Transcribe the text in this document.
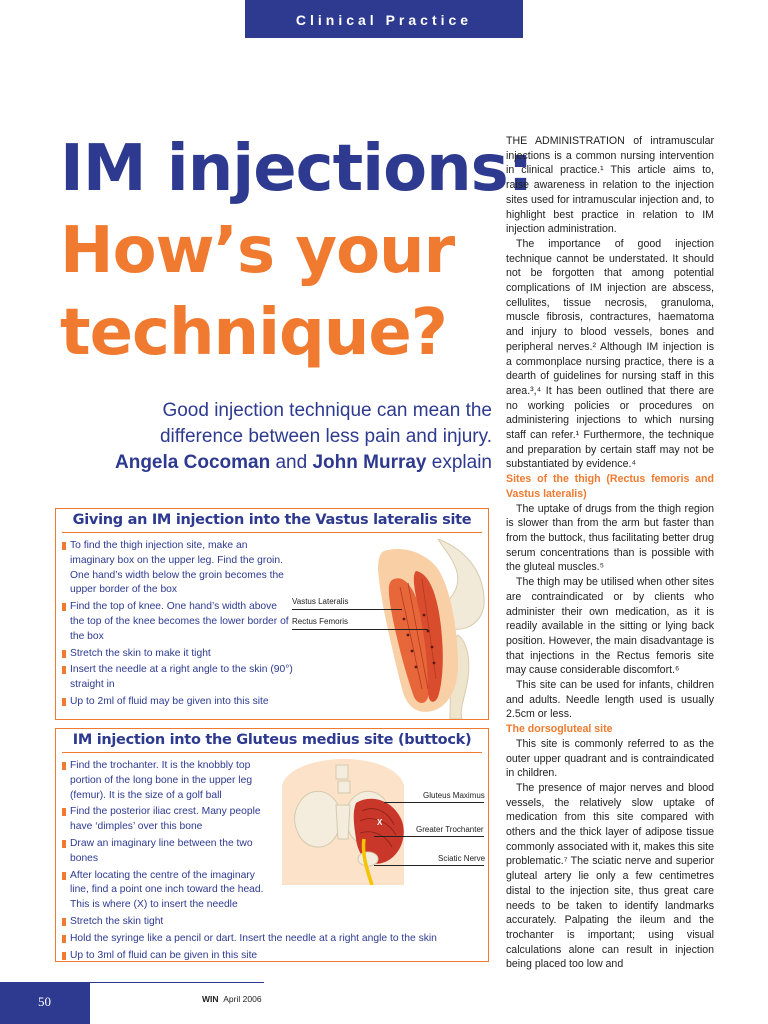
Clinical Practice
IM injections:
How’s your
technique?
Good injection technique can mean the
difference between less pain and injury.
Angela Cocoman and John Murray explain

THE ADMINISTRATION of intramuscular injections is a common nursing intervention in clinical practice.¹ This article aims to, raise awareness in relation to the injection sites used for intramuscular injection and, to highlight best practice in relation to IM injection administration.

The importance of good injection technique cannot be understated. It should not be forgotten that among potential complications of IM injection are abscess, cellulites, tissue necrosis, granuloma, muscle fibrosis, contractures, haematoma and injury to blood vessels, bones and peripheral nerves.² Although IM injection is a commonplace nursing practice, there is a dearth of guidelines for nursing staff in this area.³,⁴ It has been outlined that there are no working policies or procedures on administering injections to which nursing staff can refer.¹ Furthermore, the technique and preparation by certain staff may not be substantiated by evidence.⁴

Sites of the thigh (Rectus femoris and Vastus lateralis)

The uptake of drugs from the thigh region is slower than from the arm but faster than from the buttock, thus facilitating better drug serum concentrations than is possible with the gluteal muscles.⁵

The thigh may be utilised when other sites are contraindicated or by clients who administer their own medication, as it is readily available in the sitting or lying back position. However, the main disadvantage is that injections in the Rectus femoris site may cause considerable discomfort.⁶

This site can be used for infants, children and adults. Needle length used is usually 2.5cm or less.

The dorsogluteal site

This site is commonly referred to as the outer upper quadrant and is contraindicated in children.

The presence of major nerves and blood vessels, the relatively slow uptake of medication from this site compared with others and the thick layer of adipose tissue commonly associated with it, makes this site problematic.⁷ The sciatic nerve and superior gluteal artery lie only a few centimetres distal to the injection site, thus great care needs to be taken to identify landmarks accurately. Palpating the ileum and the trochanter is important; using visual calculations alone can result in injection being placed too low and

Giving an IM injection into the Vastus lateralis site
To find the thigh injection site, make an imaginary box on the upper leg. Find the groin. One hand’s width below the groin becomes the upper border of the box
Find the top of knee. One hand’s width above the top of the knee becomes the lower border of the box
Stretch the skin to make it tight
Insert the needle at a right angle to the skin (90°) straight in
Up to 2ml of fluid may be given into this site
Vastus Lateralis
Rectus Femoris
IM injection into the Gluteus medius site (buttock)
Find the trochanter. It is the knobbly top portion of the long bone in the upper leg (femur). It is the size of a golf ball
Find the posterior iliac crest. Many people have ‘dimples’ over this bone
Draw an imaginary line between the two bones
After locating the centre of the imaginary line, find a point one inch toward the head. This is where (X) to insert the needle
Stretch the skin tight
Hold the syringe like a pencil or dart. Insert the needle at a right angle to the skin
Up to 3ml of fluid can be given in this site
X
Gluteus Maximus
Greater Trochanter
Sciatic Nerve
50	WIN April 2006
